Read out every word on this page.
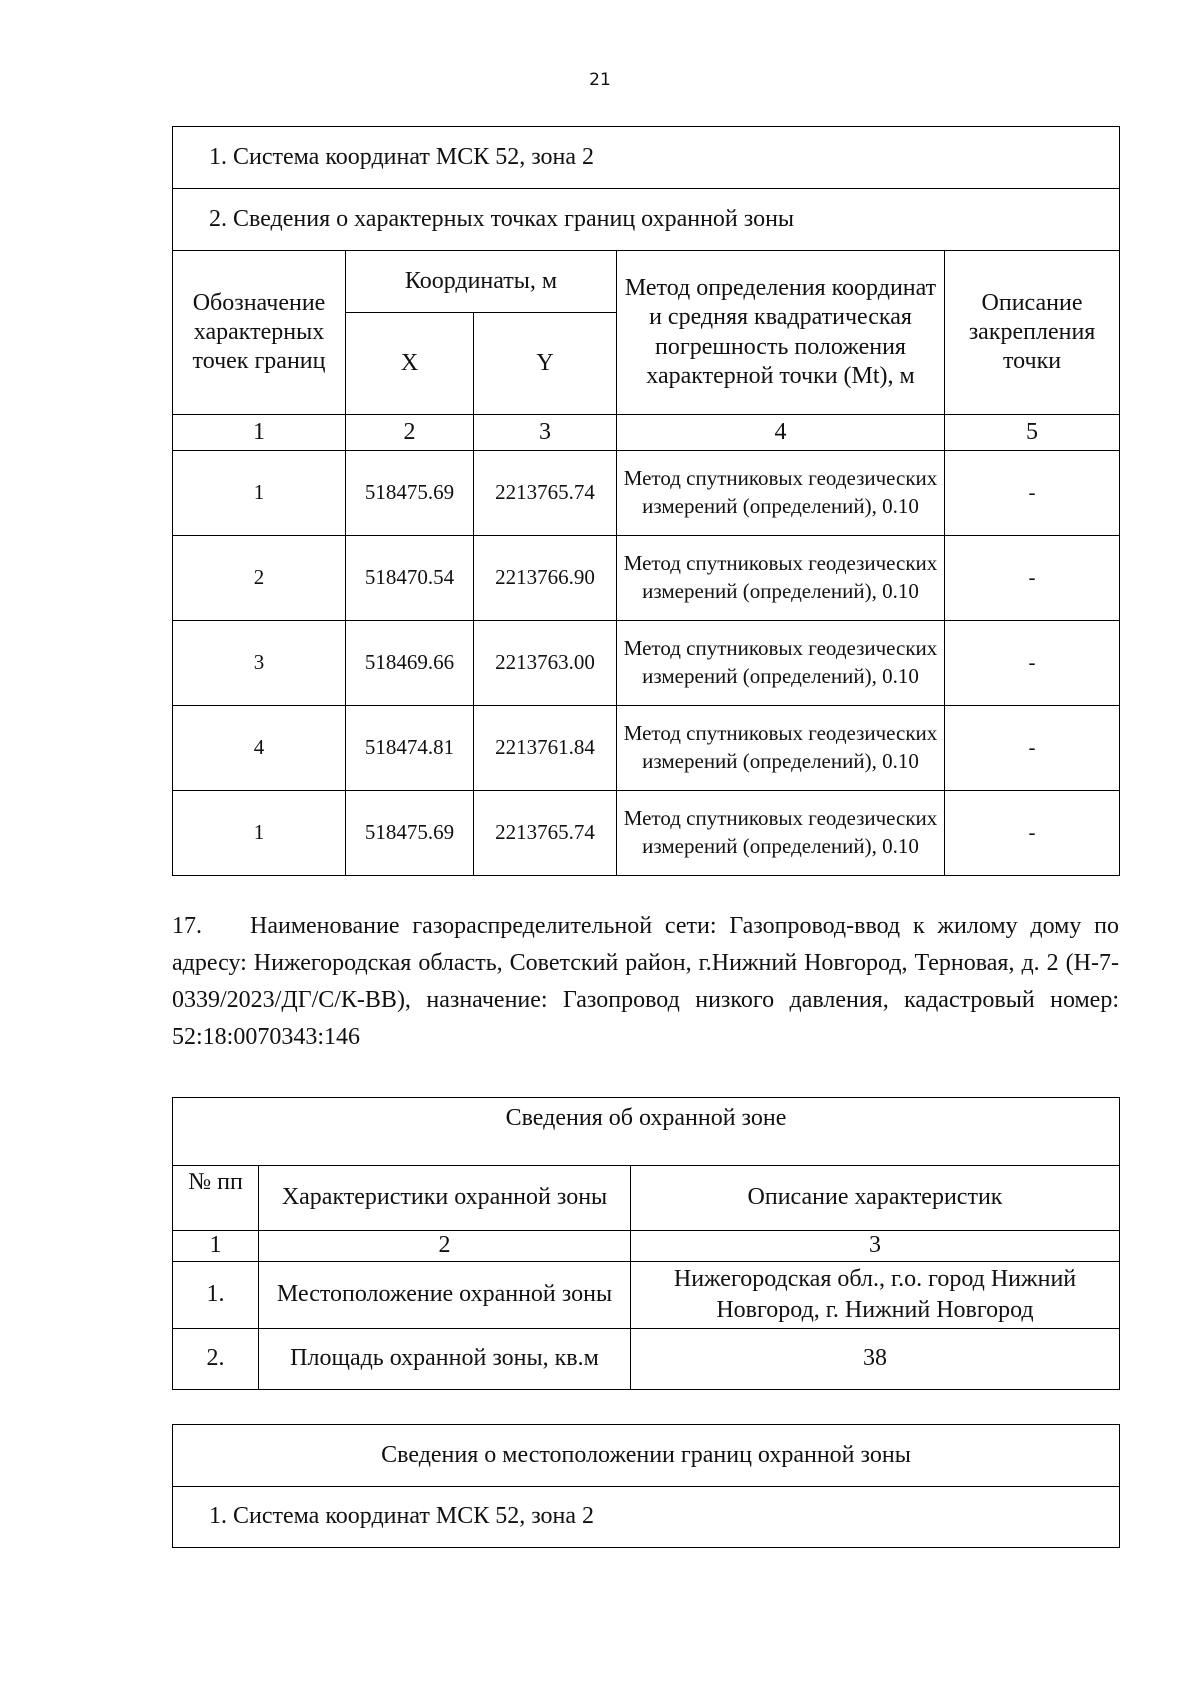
21
1. Система координат МСК 52, зона 2				
2. Сведения о характерных точках границ охранной зоны				
Обозначение характерных точек границ	Координаты, м		Метод определения координат и средняя квадратическая погрешность положения характерной точки (Mt), м	Описание закрепления точки
	X	Y		
1	2	3	4	5
1	518475.69	2213765.74	Метод спутниковых геодезических измерений (определений), 0.10	-
2	518470.54	2213766.90	Метод спутниковых геодезических измерений (определений), 0.10	-
3	518469.66	2213763.00	Метод спутниковых геодезических измерений (определений), 0.10	-
4	518474.81	2213761.84	Метод спутниковых геодезических измерений (определений), 0.10	-
1	518475.69	2213765.74	Метод спутниковых геодезических измерений (определений), 0.10	-
17. Наименование газораспределительной сети: Газопровод-ввод к жилому дому по адресу: Нижегородская область, Советский район, г.Нижний Новгород, Терновая, д. 2 (Н-7-0339/2023/ДГ/С/К-ВВ), назначение: Газопровод низкого давления, кадастровый номер: 52:18:0070343:146
Сведения об охранной зоне		
№ пп	Характеристики охранной зоны	Описание характеристик
1	2	3
1.	Местоположение охранной зоны	Нижегородская обл., г.о. город Нижний Новгород, г. Нижний Новгород
2.	Площадь охранной зоны, кв.м	38
Сведения о местоположении границ охранной зоны
1. Система координат МСК 52, зона 2
